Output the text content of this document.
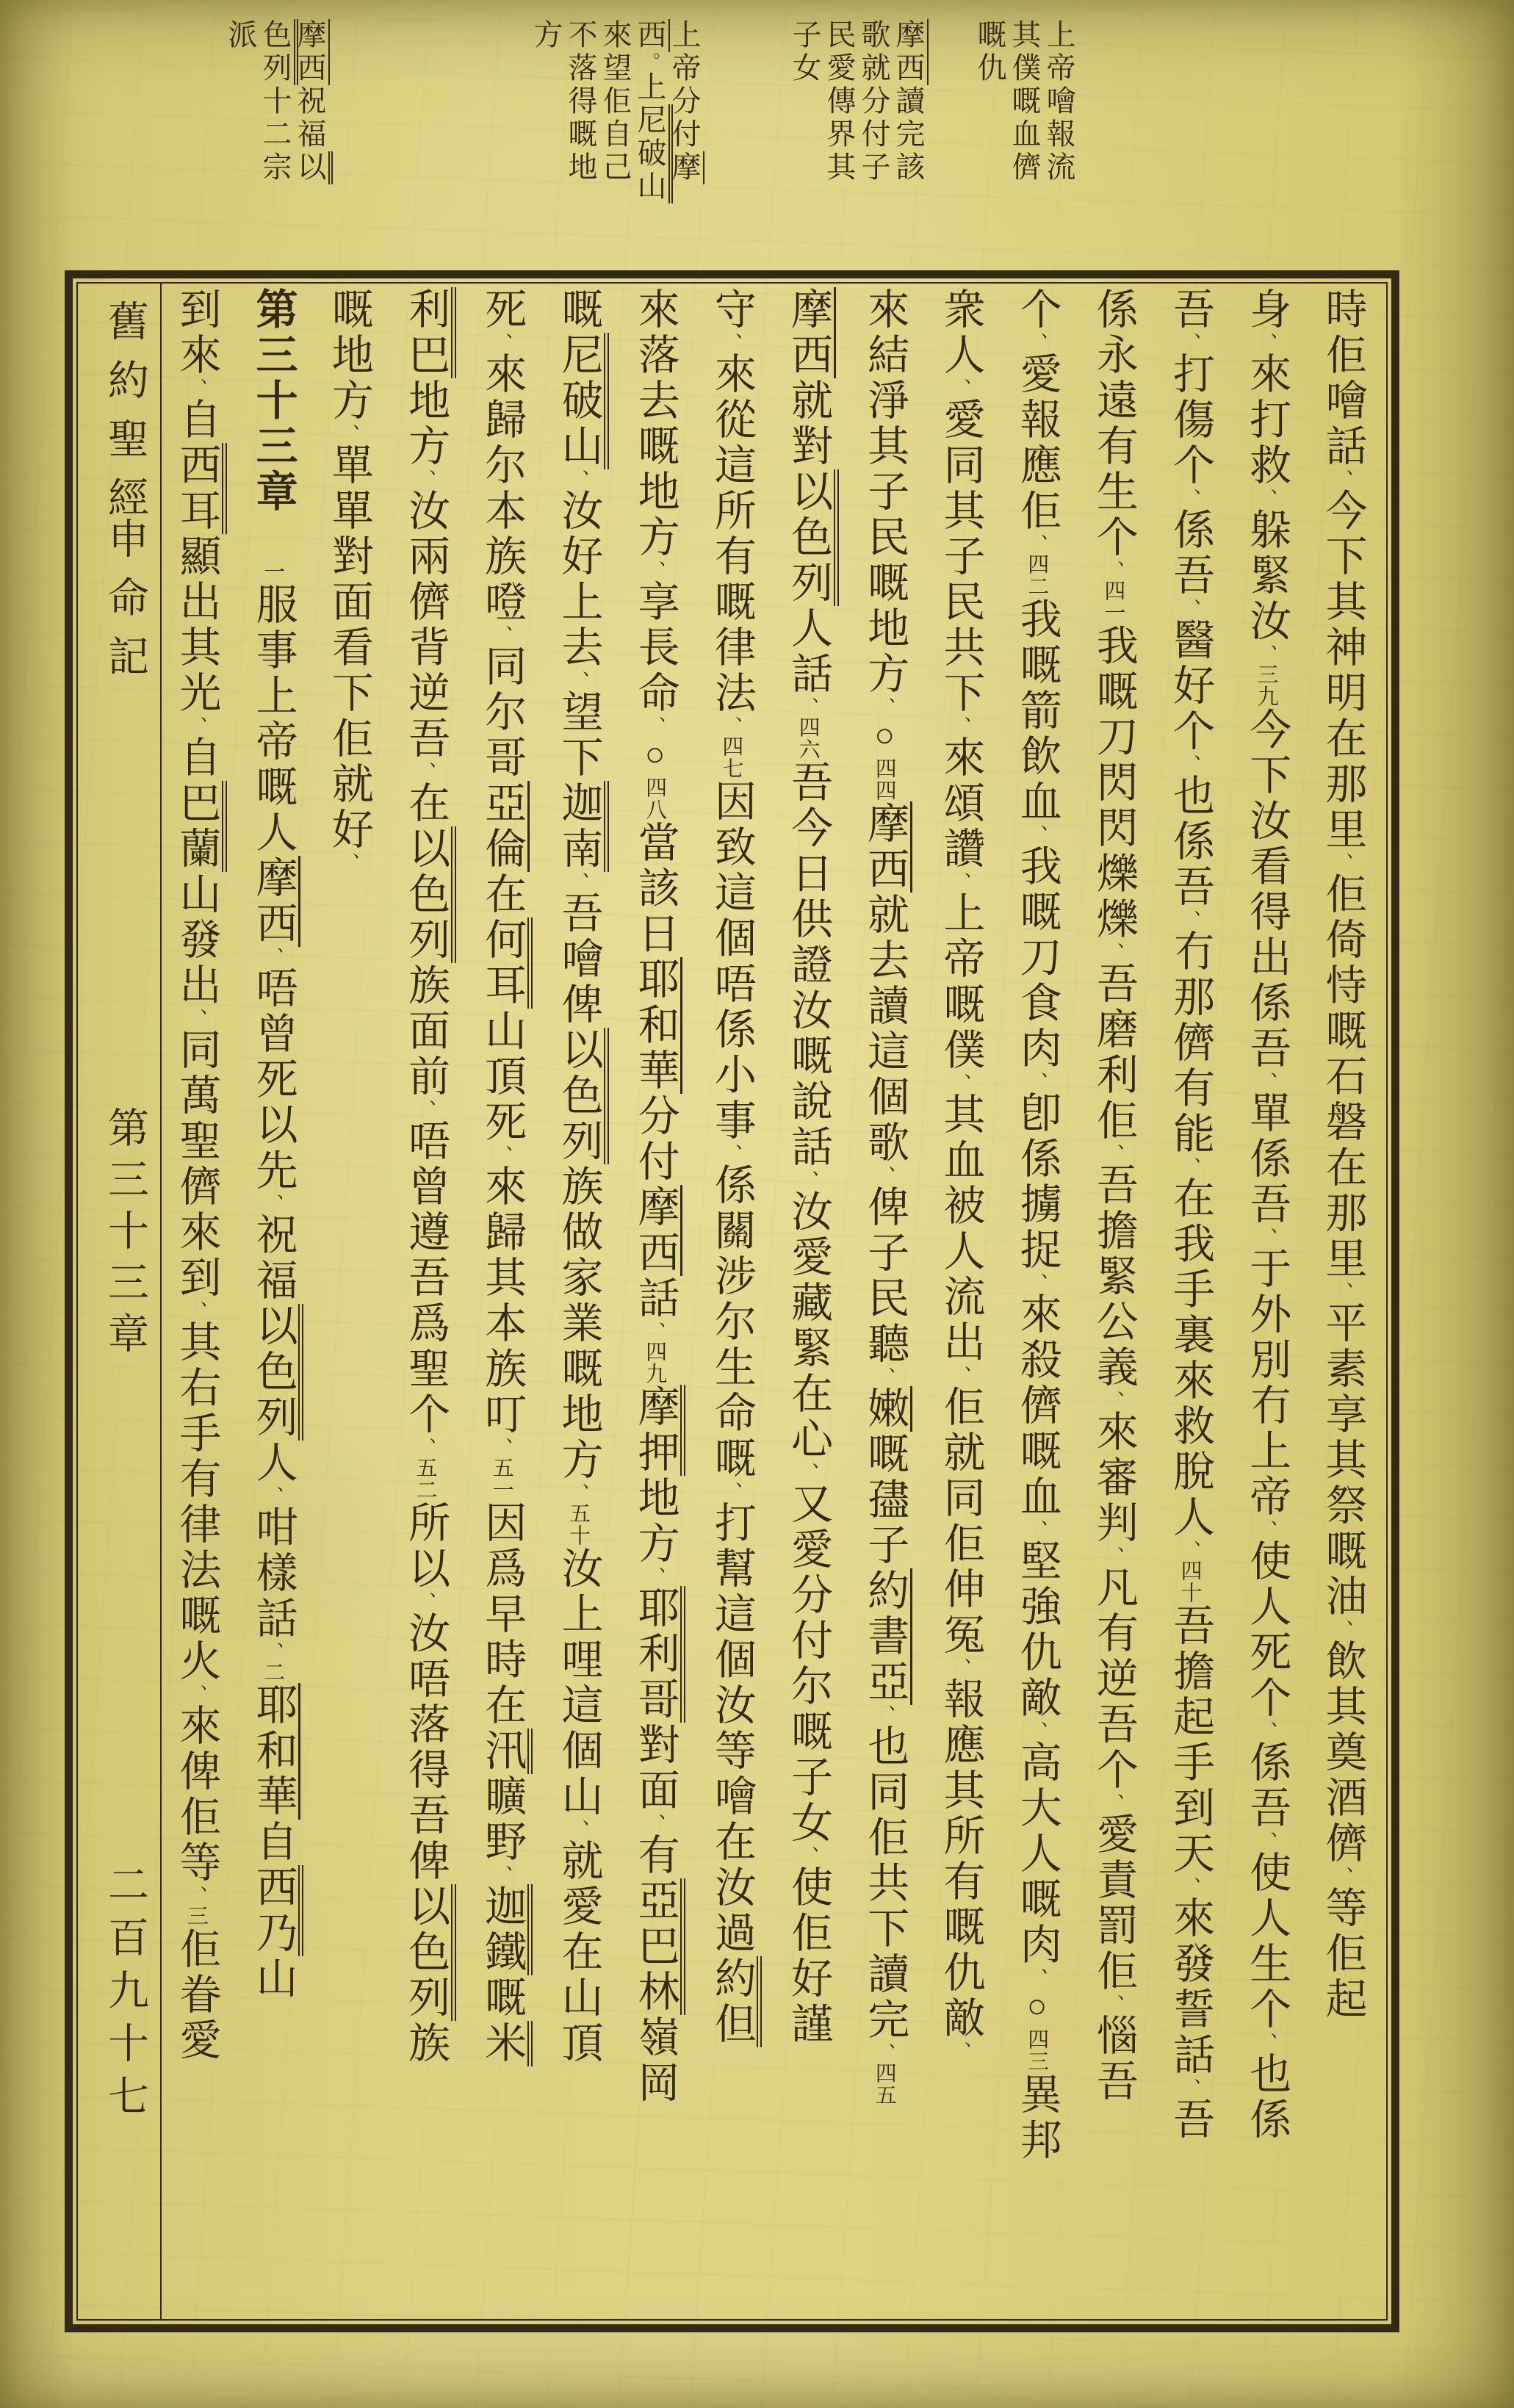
上帝噲報流
其僕嘅血儕
嘅仇
摩西讀完該
歌就分付子
民愛傳界其
子女
上帝分付摩
西。上尼破山
來望佢自己
不落得嘅地
方
摩西祝福以
色列十二宗
派
舊約聖經
申命記
第三十三章
二百九十七
時佢噲話、今下其神明在那里、佢倚恃嘅石磐在那里、平素享其祭嘅油、飲其奠酒儕、等佢起
身、來打救、躲緊汝、三九今下汝看得出係吾、單係吾、于外別冇上帝、使人死个、係吾、使人生个、也係
吾、打傷个、係吾、醫好个、也係吾、冇那儕有能、在我手裏來救脫人、四十吾擔起手到天、來發誓話、吾
係永遠有生个、四一我嘅刀閃閃爍爍、吾磨利佢、吾擔緊公義、來審判、凡有逆吾个、愛責罰佢、惱吾
个、愛報應佢、四二我嘅箭飲血、我嘅刀食肉、卽係擄捉、來殺儕嘅血、堅強仇敵、高大人嘅肉、○四三異邦
衆人、愛同其子民共下、來頌讚、上帝嘅僕、其血被人流出、佢就同佢伸冤、報應其所有嘅仇敵、
來結淨其子民嘅地方、○四四摩西就去讀這個歌、俾子民聽、嫩嘅孻子約書亞、也同佢共下讀完、四五
摩西就對以色列人話、四六吾今日供證汝嘅說話、汝愛藏緊在心、又愛分付尔嘅子女、使佢好謹
守、來從這所有嘅律法、四七因致這個唔係小事、係關涉尔生命嘅、打幫這個汝等噲在汝過約但
來落去嘅地方、享長命、○四八當該日耶和華分付摩西話、四九摩押地方、耶利哥對面、有亞巴林嶺岡
嘅尼破山、汝好上去、望下迦南、吾噲俾以色列族做家業嘅地方、五十汝上哩這個山、就愛在山頂
死、來歸尔本族噔、同尔哥亞倫在何耳山頂死、來歸其本族叮、五一因爲早時在汛曠野、迦鐵嘅米
利巴地方、汝兩儕背逆吾、在以色列族面前、唔曾遵吾爲聖个、五二所以、汝唔落得吾俾以色列族
嘅地方、單單對面看下佢就好、
第三十三章一服事上帝嘅人摩西、唔曾死以先、祝福以色列人、咁樣話、二耶和華自西乃山
到來、自西耳顯出其光、自巴蘭山發出、同萬聖儕來到、其右手有律法嘅火、來俾佢等、三佢眷愛
